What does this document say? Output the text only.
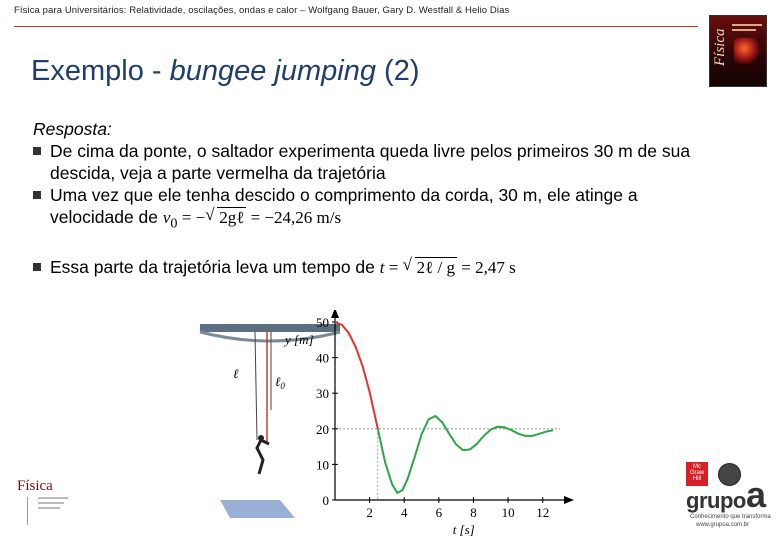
Física para Universitários: Relatividade, oscilações, ondas e calor – Wolfgang Bauer, Gary D. Westfall & Helio Dias
Física
Exemplo - bungee jumping (2)
Resposta:
De cima da ponte, o saltador experimenta queda livre pelos primeiros 30 m de sua descida, veja a parte vermelha da trajetória
Uma vez que ele tenha descido o comprimento da corda, 30 m, ele atinge a velocidade de $v_0$ = − √ 2gℓ = −24,26 m/s
Essa parte da trajetória leva um tempo de t = √ 2ℓ / g = 2,47 s
ℓ
ℓ$_0$
0
10
20
30
40
50
2 4 6 8 10 12
y [m]
t [s]
Física
Mc Graw Hill
grupo a
Conhecimento que transforma
www.grupoa.com.br
